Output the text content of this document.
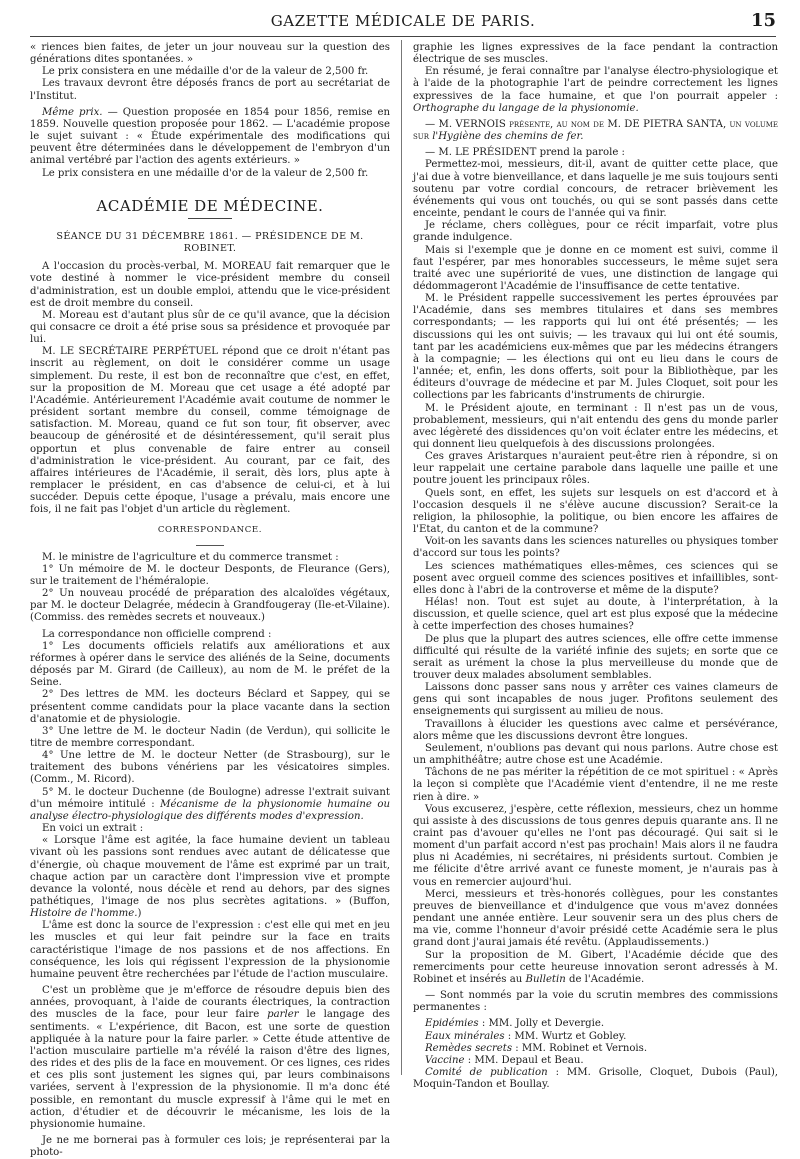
GAZETTE MÉDICALE DE PARIS.	15

« riences bien faites, de jeter un jour nouveau sur la question des générations dites spontanées. »

Le prix consistera en une médaille d'or de la valeur de 2,500 fr.

Les travaux devront être déposés francs de port au secrétariat de l'Institut.

Même prix. — Question proposée en 1854 pour 1856, remise en 1859. Nouvelle question proposée pour 1862. — L'académie propose le sujet suivant : « Étude expérimentale des modifications qui peuvent être déterminées dans le développement de l'embryon d'un animal vertébré par l'action des agents extérieurs. »

Le prix consistera en une médaille d'or de la valeur de 2,500 fr.

ACADÉMIE DE MÉDECINE.
SÉANCE DU 31 DÉCEMBRE 1861. — PRÉSIDENCE DE M. ROBINET.

A l'occasion du procès-verbal, M. MOREAU fait remarquer que le vote destiné à nommer le vice-président membre du conseil d'administration, est un double emploi, attendu que le vice-président est de droit membre du conseil.

M. Moreau est d'autant plus sûr de ce qu'il avance, que la décision qui consacre ce droit a été prise sous sa présidence et provoquée par lui.

M. LE SECRÉTAIRE PERPÉTUEL répond que ce droit n'étant pas inscrit au règlement, on doit le considérer comme un usage simplement. Du reste, il est bon de reconnaître que c'est, en effet, sur la proposition de M. Moreau que cet usage a été adopté par l'Académie. Antérieurement l'Académie avait coutume de nommer le président sortant membre du conseil, comme témoignage de satisfaction. M. Moreau, quand ce fut son tour, fit observer, avec beaucoup de générosité et de désintéressement, qu'il serait plus opportun et plus convenable de faire entrer au conseil d'administration le vice-président. Au courant, par ce fait, des affaires intérieures de l'Académie, il serait, dès lors, plus apte à remplacer le président, en cas d'absence de celui-ci, et à lui succéder. Depuis cette époque, l'usage a prévalu, mais encore une fois, il ne fait pas l'objet d'un article du règlement.

CORRESPONDANCE.

M. le ministre de l'agriculture et du commerce transmet :

1° Un mémoire de M. le docteur Desponts, de Fleurance (Gers), sur le traitement de l'héméralopie.

2° Un nouveau procédé de préparation des alcaloïdes végétaux, par M. le docteur Delagrée, médecin à Grandfougeray (Ile-et-Vilaine). (Commiss. des remèdes secrets et nouveaux.)

La correspondance non officielle comprend :

1° Les documents officiels relatifs aux améliorations et aux réformes à opérer dans le service des aliénés de la Seine, documents déposés par M. Girard (de Cailleux), au nom de M. le préfet de la Seine.

2° Des lettres de MM. les docteurs Béclard et Sappey, qui se présentent comme candidats pour la place vacante dans la section d'anatomie et de physiologie.

3° Une lettre de M. le docteur Nadin (de Verdun), qui sollicite le titre de membre correspondant.

4° Une lettre de M. le docteur Netter (de Strasbourg), sur le traitement des bubons vénériens par les vésicatoires simples. (Comm., M. Ricord).

5° M. le docteur Duchenne (de Boulogne) adresse l'extrait suivant d'un mémoire intitulé : Mécanisme de la physionomie humaine ou analyse électro-physiologique des différents modes d'expression.

En voici un extrait :

« Lorsque l'âme est agitée, la face humaine devient un tableau vivant où les passions sont rendues avec autant de délicatesse que d'énergie, où chaque mouvement de l'âme est exprimé par un trait, chaque action par un caractère dont l'impression vive et prompte devance la volonté, nous décèle et rend au dehors, par des signes pathétiques, l'image de nos plus secrètes agitations. » (Buffon, Histoire de l'homme.)

L'âme est donc la source de l'expression : c'est elle qui met en jeu les muscles et qui leur fait peindre sur la face en traits caractéristique l'image de nos passions et de nos affections. En conséquence, les lois qui régissent l'expression de la physionomie humaine peuvent être recherchées par l'étude de l'action musculaire.

C'est un problème que je m'efforce de résoudre depuis bien des années, provoquant, à l'aide de courants électriques, la contraction des muscles de la face, pour leur faire parler le langage des sentiments. « L'expérience, dit Bacon, est une sorte de question appliquée à la nature pour la faire parler. » Cette étude attentive de l'action musculaire partielle m'a révélé la raison d'être des lignes, des rides et des plis de la face en mouvement. Or ces lignes, ces rides et ces plis sont justement les signes qui, par leurs combinaisons variées, servent à l'expression de la physionomie. Il m'a donc été possible, en remontant du muscle expressif à l'âme qui le met en action, d'étudier et de découvrir le mécanisme, les lois de la physionomie humaine.

Je ne me bornerai pas à formuler ces lois; je représenterai par la photo-

graphie les lignes expressives de la face pendant la contraction électrique de ses muscles.

En résumé, je ferai connaître par l'analyse électro-physiologique et à l'aide de la photographie l'art de peindre correctement les lignes expressives de la face humaine, et que l'on pourrait appeler : Orthographe du langage de la physionomie.

— M. VERNOIS présente, au nom de M. DE PIETRA SANTA, un volume sur l'Hygiène des chemins de fer.

— M. LE PRÉSIDENT prend la parole :

Permettez-moi, messieurs, dit-il, avant de quitter cette place, que j'ai due à votre bienveillance, et dans laquelle je me suis toujours senti soutenu par votre cordial concours, de retracer brièvement les événements qui vous ont touchés, ou qui se sont passés dans cette enceinte, pendant le cours de l'année qui va finir.

Je réclame, chers collègues, pour ce récit imparfait, votre plus grande indulgence.

Mais si l'exemple que je donne en ce moment est suivi, comme il faut l'espérer, par mes honorables successeurs, le même sujet sera traité avec une supériorité de vues, une distinction de langage qui dédommageront l'Académie de l'insuffisance de cette tentative.

M. le Président rappelle successivement les pertes éprouvées par l'Académie, dans ses membres titulaires et dans ses membres correspondants; — les rapports qui lui ont été présentés; — les discussions qui les ont suivis; — les travaux qui lui ont été soumis, tant par les académiciens eux-mêmes que par les médecins étrangers à la compagnie; — les élections qui ont eu lieu dans le cours de l'année; et, enfin, les dons offerts, soit pour la Bibliothèque, par les éditeurs d'ouvrage de médecine et par M. Jules Cloquet, soit pour les collections par les fabricants d'instruments de chirurgie.

M. le Président ajoute, en terminant : Il n'est pas un de vous, probablement, messieurs, qui n'ait entendu des gens du monde parler avec légèreté des dissidences qu'on voit éclater entre les médecins, et qui donnent lieu quelquefois à des discussions prolongées.

Ces graves Aristarques n'auraient peut-être rien à répondre, si on leur rappelait une certaine parabole dans laquelle une paille et une poutre jouent les principaux rôles.

Quels sont, en effet, les sujets sur lesquels on est d'accord et à l'occasion desquels il ne s'élève aucune discussion? Serait-ce la religion, la philosophie, la politique, ou bien encore les affaires de l'Etat, du canton et de la commune?

Voit-on les savants dans les sciences naturelles ou physiques tomber d'accord sur tous les points?

Les sciences mathématiques elles-mêmes, ces sciences qui se posent avec orgueil comme des sciences positives et infaillibles, sont-elles donc à l'abri de la controverse et même de la dispute?

Hélas! non. Tout est sujet au doute, à l'interprétation, à la discussion, et quelle science, quel art est plus exposé que la médecine à cette imperfection des choses humaines?

De plus que la plupart des autres sciences, elle offre cette immense difficulté qui résulte de la variété infinie des sujets; en sorte que ce serait as urément la chose la plus merveilleuse du monde que de trouver deux malades absolument semblables.

Laissons donc passer sans nous y arrêter ces vaines clameurs de gens qui sont incapables de nous juger. Profitons seulement des enseignements qui surgissent au milieu de nous.

Travaillons à élucider les questions avec calme et persévérance, alors même que les discussions devront être longues.

Seulement, n'oublions pas devant qui nous parlons. Autre chose est un amphithéâtre; autre chose est une Académie.

Tâchons de ne pas mériter la répétition de ce mot spirituel : « Après la leçon si complète que l'Académie vient d'entendre, il ne me reste rien à dire. »

Vous excuserez, j'espère, cette réflexion, messieurs, chez un homme qui assiste à des discussions de tous genres depuis quarante ans. Il ne craint pas d'avouer qu'elles ne l'ont pas découragé. Qui sait si le moment d'un parfait accord n'est pas prochain! Mais alors il ne faudra plus ni Académies, ni secrétaires, ni présidents surtout. Combien je me félicite d'être arrivé avant ce funeste moment, je n'aurais pas à vous en remercier aujourd'hui.

Merci, messieurs et très-honorés collègues, pour les constantes preuves de bienveillance et d'indulgence que vous m'avez données pendant une année entière. Leur souvenir sera un des plus chers de ma vie, comme l'honneur d'avoir présidé cette Académie sera le plus grand dont j'aurai jamais été revêtu. (Applaudissements.)

Sur la proposition de M. Gibert, l'Académie décide que des remerciments pour cette heureuse innovation seront adressés à M. Robinet et insérés au Bulletin de l'Académie.

— Sont nommés par la voie du scrutin membres des commissions permanentes :

Epidémies : MM. Jolly et Devergie.

Eaux minérales : MM. Wurtz et Gobley.

Remèdes secrets : MM. Robinet et Vernois.

Vaccine : MM. Depaul et Beau.

Comité de publication : MM. Grisolle, Cloquet, Dubois (Paul), Moquin-Tandon et Boullay.
